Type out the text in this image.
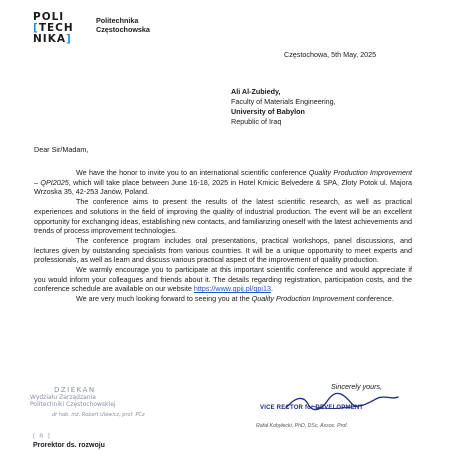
POLI
[TECH
NIKA]
Politechnika
Częstochowska
Częstochowa, 5th May, 2025
Ali Al-Zubiedy,
Faculty of Materials Engineering,
University of Babylon
Republic of Iraq
Dear Sir/Madam,

We have the honor to invite you to an international scientific conference Quality Production Improvement – QPI2025, which will take place between June 16-18, 2025 in Hotel Kmicic Belvedere & SPA, Złoty Potok ul. Majora Wrzoska 35, 42-253 Janów, Poland.

The conference aims to present the results of the latest scientific research, as well as practical experiences and solutions in the field of improving the quality of industrial production. The event will be an excellent opportunity for exchanging ideas, establishing new contacts, and familiarizing oneself with the latest achievements and trends of process improvement technologies.

The conference program includes oral presentations, practical workshops, panel discussions, and lectures given by outstanding specialists from various countries. It will be a unique opportunity to meet experts and professionals, as well as learn and discuss various practical aspect of the improvement of quality production.

We warmly encourage you to participate at this important scientific conference and would appreciate if you would inform your colleagues and friends about it. The details regarding registration, participation costs, and the conference schedule are available on our website https://www.qpij.pl/qpi13.

We are very much looking forward to seeing you at the Quality Production Improvement conference.

Sincerely yours,
DZIEKAN
Wydziału Zarządzania
Politechniki Częstochowskiej
dr hab. inż. Robert Ulewicz, prof. PCz
VICE RECTOR for DEVELOPMENT
Rafał Kobyłecki, PhD, DSc, Assoc. Prof.
[ R ]
Prorektor ds. rozwoju
